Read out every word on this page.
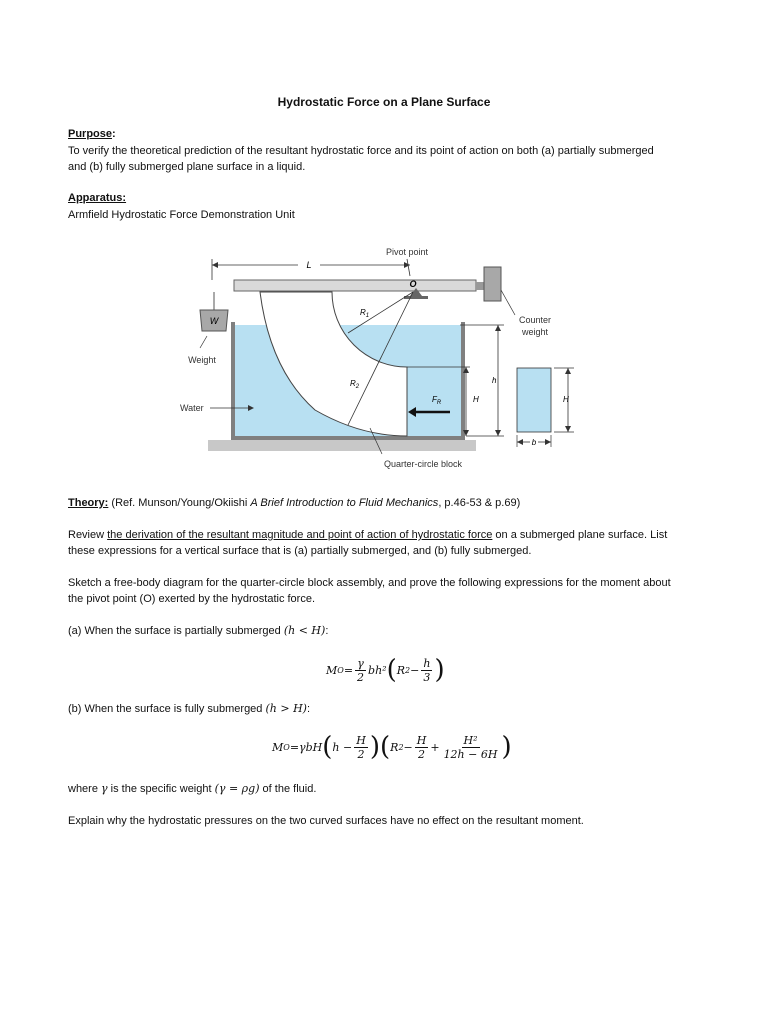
Hydrostatic Force on a Plane Surface
Purpose:
To verify the theoretical prediction of the resultant hydrostatic force and its point of action on both (a) partially submerged
and (b) fully submerged plane surface in a liquid.
Apparatus:
Armfield Hydrostatic Force Demonstration Unit
W
O
Pivot point
L
$R_1$
$R_2$
$F_R$
h
H
Counter
weight
H
b
Weight
Water
Quarter-circle block
Theory: (Ref. Munson/Young/Okiishi A Brief Introduction to Fluid Mechanics, p.46-53 & p.69)
Review the derivation of the resultant magnitude and point of action of hydrostatic force on a submerged plane surface. List
these expressions for a vertical surface that is (a) partially submerged, and (b) fully submerged.
Sketch a free-body diagram for the quarter-circle block assembly, and prove the following expressions for the moment about
the pivot point (O) exerted by the hydrostatic force.
(a) When the surface is partially submerged (h < H):
M $O = \frac{\gamma}{2} bh^2$ ( R $2 - \frac{h}{3}$ )
(b) When the surface is fully submerged (h > H):
M O = γbH ( $h - \frac{H}{2}$ ) ( R $2 - \frac{H}{2} + \frac{\text{H²}}{12h - 6H}$ )
where γ is the specific weight (γ = ρg) of the fluid.
Explain why the hydrostatic pressures on the two curved surfaces have no effect on the resultant moment.
